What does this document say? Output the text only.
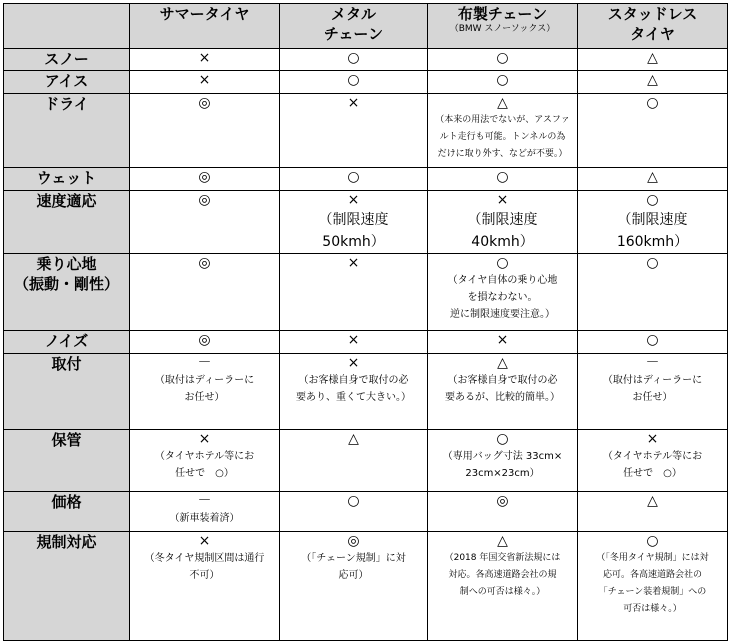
	サマータイヤ	メタル
チェーン	布製チェーン
（BMW スノーソックス）	スタッドレス
タイヤ

スノー	×	○	○	△

アイス	×	○	○	△

ドライ	◎	×	△
（本来の用法でないが、アスファ
ルト走行も可能。トンネルの為
だけに取り外す、などが不要。）	○

ウェット	◎	○	○	△

速度適応	◎	×
（制限速度
50kmh）	×
（制限速度
40kmh）	○
（制限速度
160kmh）

乗り心地
（振動・剛性）	◎	×	○
（タイヤ自体の乗り心地
を損なわない。
逆に制限速度要注意。）	○

ノイズ	◎	×	×	○

取付	－
（取付はディーラーに
お任せ）	×
（お客様自身で取付の必
要あり、重くて大きい。）	△
（お客様自身で取付の必
要あるが、比較的簡単。）	－
（取付はディーラーに
お任せ）

保管	×
（タイヤホテル等にお
任せで　○）	△	○
（専用バッグ寸法 33cm×
23cm×23cm）	×
（タイヤホテル等にお
任せで　○）

価格	－
（新車装着済）	○	◎	△

規制対応	×
（冬タイヤ規制区間は通行
不可）	◎
（「チェーン規制」に対
応可）	△
（2018 年国交省新法規には
対応。各高速道路会社の規
制への可否は様々。）	○
（「冬用タイヤ規制」には対
応可。各高速道路会社の
「チェーン装着規制」への
可否は様々。）
